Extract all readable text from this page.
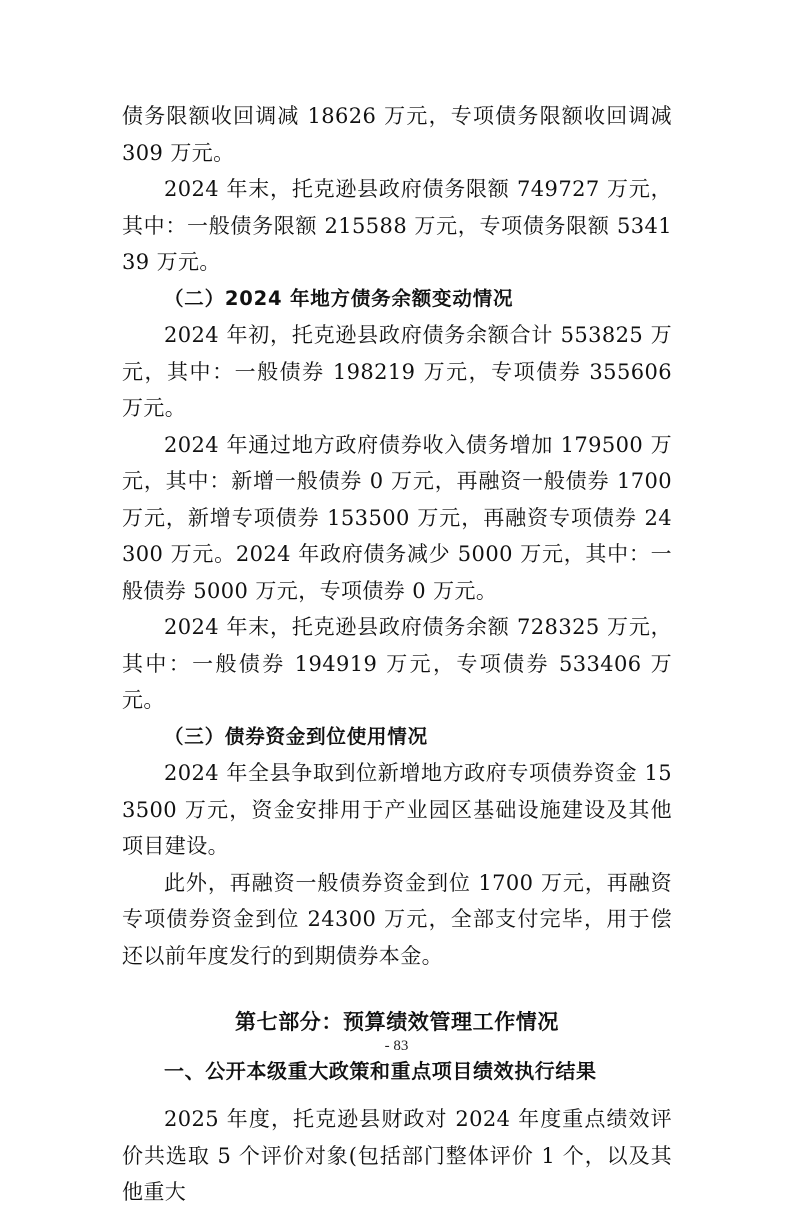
债务限额收回调减 18626 万元，专项债务限额收回调减 309 万元。

2024 年末，托克逊县政府债务限额 749727 万元，其中：一般债务限额 215588 万元，专项债务限额 534139 万元。

（二）2024 年地方债务余额变动情况

2024 年初，托克逊县政府债务余额合计 553825 万元，其中：一般债券 198219 万元，专项债券 355606 万元。

2024 年通过地方政府债券收入债务增加 179500 万元，其中：新增一般债券 0 万元，再融资一般债券 1700 万元，新增专项债券 153500 万元，再融资专项债券 24300 万元。2024 年政府债务减少 5000 万元，其中：一般债券 5000 万元，专项债券 0 万元。

2024 年末，托克逊县政府债务余额 728325 万元，其中：一般债券 194919 万元，专项债券 533406 万元。

（三）债券资金到位使用情况

2024 年全县争取到位新增地方政府专项债券资金 153500 万元，资金安排用于产业园区基础设施建设及其他项目建设。

此外，再融资一般债券资金到位 1700 万元，再融资专项债券资金到位 24300 万元，全部支付完毕，用于偿还以前年度发行的到期债券本金。

第七部分：预算绩效管理工作情况

一、公开本级重大政策和重点项目绩效执行结果

2025 年度，托克逊县财政对 2024 年度重点绩效评价共选取 5 个评价对象(包括部门整体评价 1 个，以及其他重大

- 83
